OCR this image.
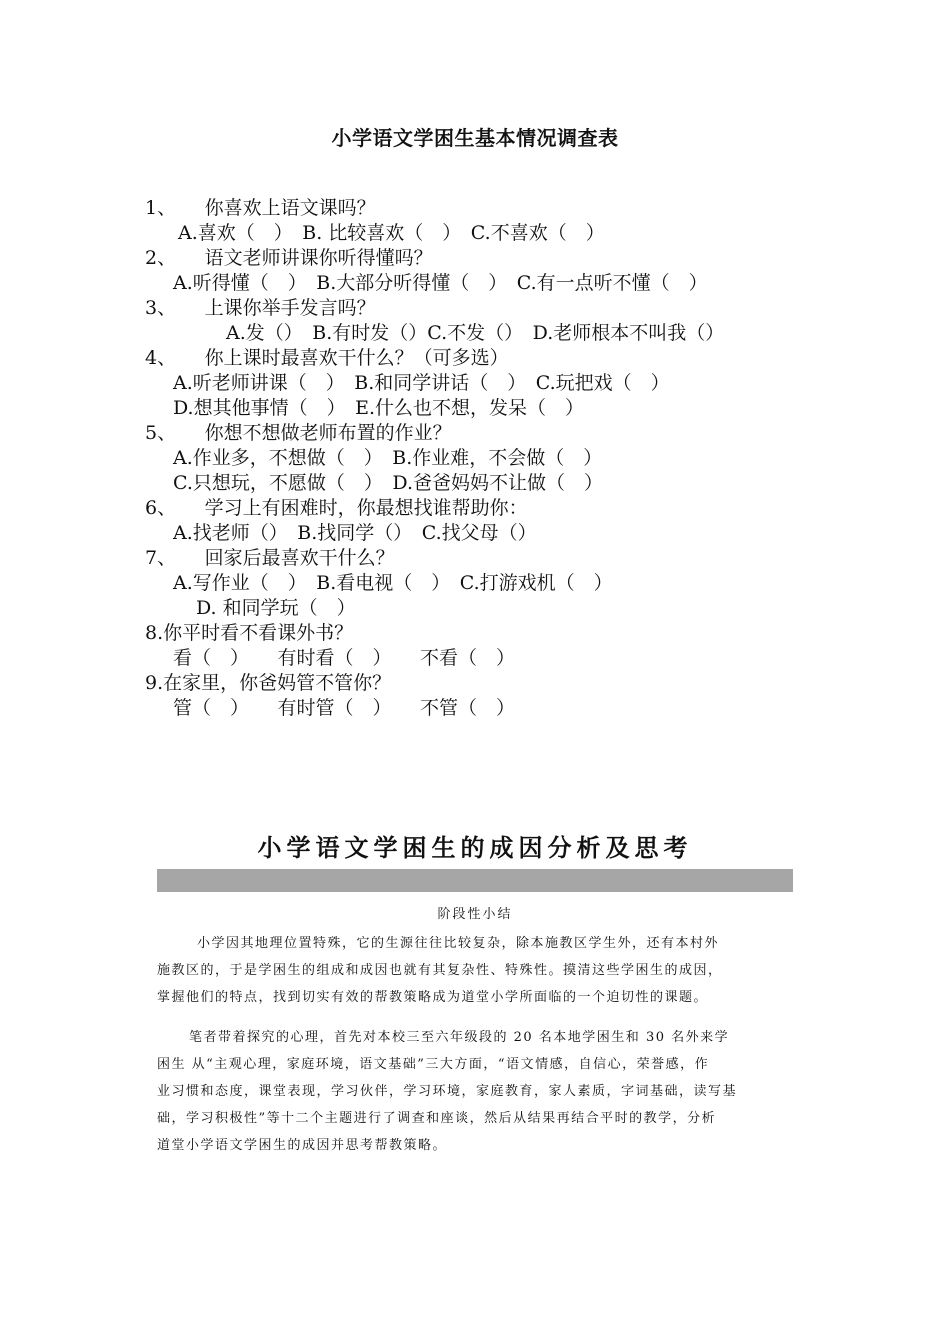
小学语文学困生基本情况调查表
1、　　你喜欢上语文课吗？
A.喜欢（　）　B. 比较喜欢（　）　C.不喜欢（　）
2、　　语文老师讲课你听得懂吗？
A.听得懂（　）　B.大部分听得懂（　）　C.有一点听不懂（　）
3、　　上课你举手发言吗？
A.发（）　B.有时发（）C.不发（）　D.老师根本不叫我（）
4、　　你上课时最喜欢干什么？（可多选）
A.听老师讲课（　）　B.和同学讲话（　）　C.玩把戏（　）
D.想其他事情（　）　E.什么也不想，发呆（　）
5、　　你想不想做老师布置的作业？
A.作业多，不想做（　）　B.作业难，不会做（　）
C.只想玩，不愿做（　）　D.爸爸妈妈不让做（　）
6、　　学习上有困难时，你最想找谁帮助你：
A.找老师（）　B.找同学（）　C.找父母（）
7、　　回家后最喜欢干什么？
A.写作业（　）　B.看电视（　）　C.打游戏机（　）
D. 和同学玩（　）
8.你平时看不看课外书？
看（　）　　有时看（　）　　不看（　）
9.在家里，你爸妈管不管你？
管（　）　　有时管（　）　　不管（　）
小学语文学困生的成因分析及思考
阶段性小结
小学因其地理位置特殊，它的生源往往比较复杂，除本施教区学生外，还有本村外
施教区的，于是学困生的组成和成因也就有其复杂性、特殊性。摸清这些学困生的成因，
掌握他们的特点，找到切实有效的帮教策略成为道堂小学所面临的一个迫切性的课题。
笔者带着探究的心理，首先对本校三至六年级段的 20 名本地学困生和 30 名外来学
困生 从“主观心理，家庭环境，语文基础”三大方面，“语文情感，自信心，荣誉感，作
业习惯和态度，课堂表现，学习伙伴，学习环境，家庭教育，家人素质，字词基础，读写基
础，学习积极性”等十二个主题进行了调查和座谈，然后从结果再结合平时的教学，分析
道堂小学语文学困生的成因并思考帮教策略。
